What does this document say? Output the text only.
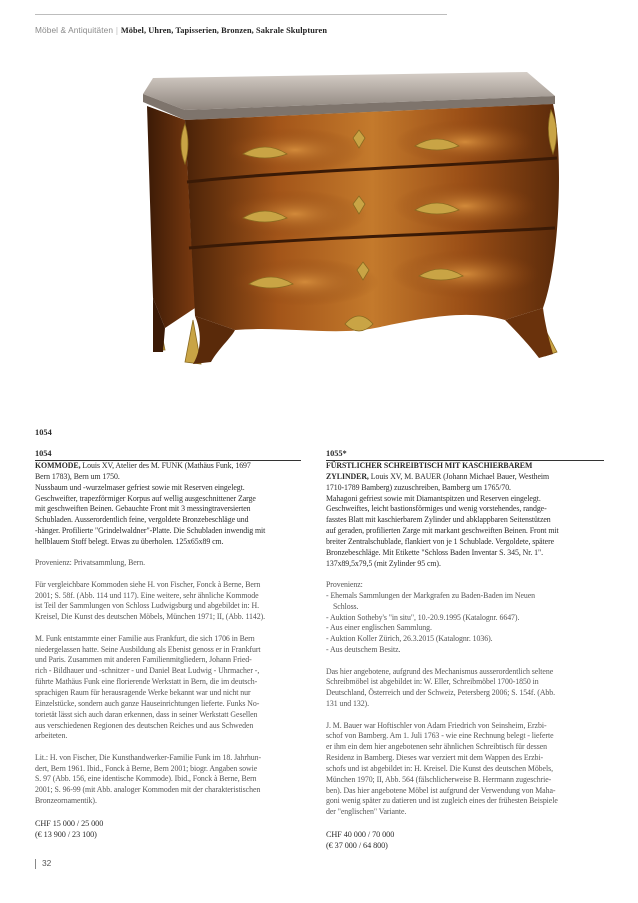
Möbel & Antiquitäten | Möbel, Uhren, Tapisserien, Bronzen, Sakrale Skulpturen
1054
1054

KOMMODE, Louis XV, Atelier des M. FUNK (Mathäus Funk, 1697

Bern 1783), Bern um 1750.

Nussbaum und -wurzelmaser gefriest sowie mit Reserven eingelegt.

Geschweifter, trapezförmiger Korpus auf wellig ausgeschnittener Zarge

mit geschweiften Beinen. Gebauchte Front mit 3 messingtraversierten

Schubladen. Ausserordentlich feine, vergoldete Bronzebeschläge und

-hänger. Profilierte "Grindelwaldner"-Platte. Die Schubladen inwendig mit

hellblauem Stoff belegt. Etwas zu überholen. 125x65x89 cm.

Provenienz: Privatsammlung, Bern.

Für vergleichbare Kommoden siehe H. von Fischer, Fonck à Berne, Bern

2001; S. 58f. (Abb. 114 und 117). Eine weitere, sehr ähnliche Kommode

ist Teil der Sammlungen von Schloss Ludwigsburg und abgebildet in: H.

Kreisel, Die Kunst des deutschen Möbels, München 1971; II, (Abb. 1142).

M. Funk entstammte einer Familie aus Frankfurt, die sich 1706 in Bern

niedergelassen hatte. Seine Ausbildung als Ebenist genoss er in Frankfurt

und Paris. Zusammen mit anderen Familienmitgliedern, Johann Fried-

rich - Bildhauer und -schnitzer - und Daniel Beat Ludwig - Uhrmacher -,

führte Mathäus Funk eine florierende Werkstatt in Bern, die im deutsch-

sprachigen Raum für herausragende Werke bekannt war und nicht nur

Einzelstücke, sondern auch ganze Hauseinrichtungen lieferte. Funks No-

torietät lässt sich auch daran erkennen, dass in seiner Werkstatt Gesellen

aus verschiedenen Regionen des deutschen Reiches und aus Schweden

arbeiteten.

Lit.: H. von Fischer, Die Kunsthandwerker-Familie Funk im 18. Jahrhun-

dert, Bern 1961. Ibid., Fonck à Berne, Bern 2001; biogr. Angaben sowie

S. 97 (Abb. 156, eine identische Kommode). Ibid., Fonck à Berne, Bern

2001; S. 96-99 (mit Abb. analoger Kommoden mit der charakteristischen

Bronzeornamentik).

CHF 15 000 / 25 000

(€ 13 900 / 23 100)

1055*

FÜRSTLICHER SCHREIBTISCH MIT KASCHIERBAREM

ZYLINDER, Louis XV, M. BAUER (Johann Michael Bauer, Westheim

1710-1789 Bamberg) zuzuschreiben, Bamberg um 1765/70.

Mahagoni gefriest sowie mit Diamantspitzen und Reserven eingelegt.

Geschweiftes, leicht bastionsförmiges und wenig vorstehendes, randge-

fasstes Blatt mit kaschierbarem Zylinder und abklappbaren Seitenstützen

auf geraden, profilierten Zarge mit markant geschweiften Beinen. Front mit

breiter Zentralschublade, flankiert von je 1 Schublade. Vergoldete, spätere

Bronzebeschläge. Mit Etikette "Schloss Baden Inventar S. 345, Nr. 1".

137x89,5x79,5 (mit Zylinder 95 cm).

Provenienz:

- Ehemals Sammlungen der Markgrafen zu Baden-Baden im Neuen

Schloss.

- Auktion Sotheby's "in situ", 10.-20.9.1995 (Katalognr. 6647).

- Aus einer englischen Sammlung.

- Auktion Koller Zürich, 26.3.2015 (Katalognr. 1036).

- Aus deutschem Besitz.

Das hier angebotene, aufgrund des Mechanismus ausserordentlich seltene

Schreibmöbel ist abgebildet in: W. Eller, Schreibmöbel 1700-1850 in

Deutschland, Österreich und der Schweiz, Petersberg 2006; S. 154f. (Abb.

131 und 132).

J. M. Bauer war Hoftischler von Adam Friedrich von Seinsheim, Erzbi-

schof von Bamberg. Am 1. Juli 1763 - wie eine Rechnung belegt - lieferte

er ihm ein dem hier angebotenen sehr ähnlichen Schreibtisch für dessen

Residenz in Bamberg. Dieses war verziert mit dem Wappen des Erzbi-

schofs und ist abgebildet in: H. Kreisel. Die Kunst des deutschen Möbels,

München 1970; II, Abb. 564 (fälschlicherweise B. Herrmann zugeschrie-

ben). Das hier angebotene Möbel ist aufgrund der Verwendung von Maha-

goni wenig später zu datieren und ist zugleich eines der frühesten Beispiele

der "englischen" Variante.

CHF 40 000 / 70 000

(€ 37 000 / 64 800)

32
